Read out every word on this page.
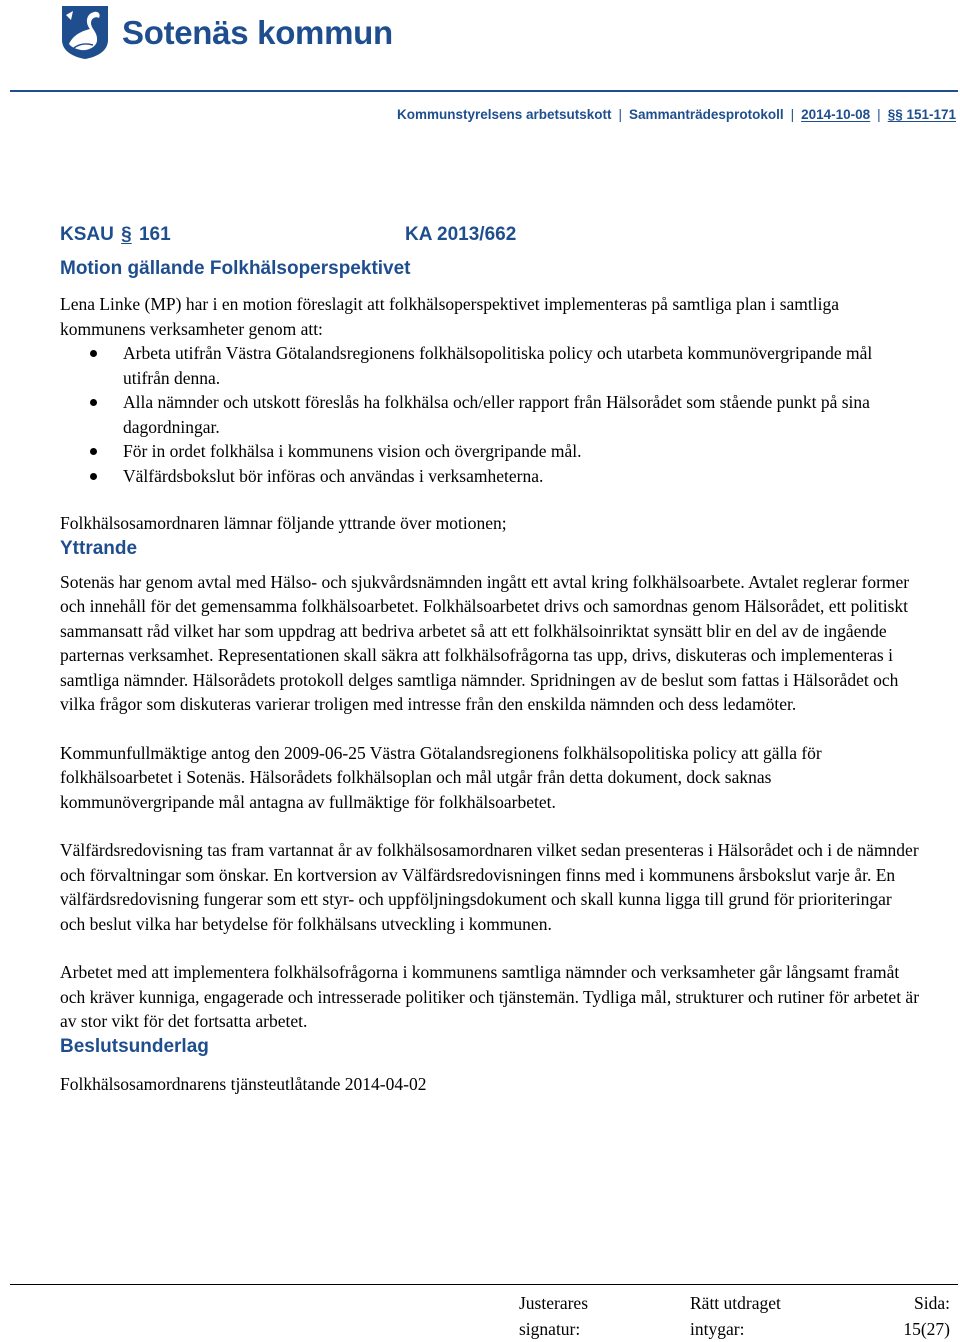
Sotenäs kommun
Kommunstyrelsens arbetsutskott | Sammanträdesprotokoll | 2014-10-08 | §§ 151-171
KSAU § 161	KA 2013/662
Motion gällande Folkhälsoperspektivet

Lena Linke (MP) har i en motion föreslagit att folkhälsoperspektivet implementeras på samtliga plan i samtliga kommunens verksamheter genom att:

Arbeta utifrån Västra Götalandsregionens folkhälsopolitiska policy och utarbeta kommunövergripande mål utifrån denna.
Alla nämnder och utskott föreslås ha folkhälsa och/eller rapport från Hälsorådet som stående punkt på sina dagordningar.
För in ordet folkhälsa i kommunens vision och övergripande mål.
Välfärdsbokslut bör införas och användas i verksamheterna.

Folkhälsosamordnaren lämnar följande yttrande över motionen;

Yttrande

Sotenäs har genom avtal med Hälso- och sjukvårdsnämnden ingått ett avtal kring folkhälsoarbete. Avtalet reglerar former och innehåll för det gemensamma folkhälsoarbetet. Folkhälsoarbetet drivs och samordnas genom Hälsorådet, ett politiskt sammansatt råd vilket har som uppdrag att bedriva arbetet så att ett folkhälsoinriktat synsätt blir en del av de ingående parternas verksamhet. Representationen skall säkra att folkhälsofrågorna tas upp, drivs, diskuteras och implementeras i samtliga nämnder. Hälsorådets protokoll delges samtliga nämnder. Spridningen av de beslut som fattas i Hälsorådet och vilka frågor som diskuteras varierar troligen med intresse från den enskilda nämnden och dess ledamöter.

Kommunfullmäktige antog den 2009-06-25 Västra Götalandsregionens folkhälsopolitiska policy att gälla för folkhälsoarbetet i Sotenäs. Hälsorådets folkhälsoplan och mål utgår från detta dokument, dock saknas kommunövergripande mål antagna av fullmäktige för folkhälsoarbetet.

Välfärdsredovisning tas fram vartannat år av folkhälsosamordnaren vilket sedan presenteras i Hälsorådet och i de nämnder och förvaltningar som önskar. En kortversion av Välfärdsredovisningen finns med i kommunens årsbokslut varje år. En välfärdsredovisning fungerar som ett styr- och uppföljningsdokument och skall kunna ligga till grund för prioriteringar och beslut vilka har betydelse för folkhälsans utveckling i kommunen.

Arbetet med att implementera folkhälsofrågorna i kommunens samtliga nämnder och verksamheter går långsamt framåt och kräver kunniga, engagerade och intresserade politiker och tjänstemän. Tydliga mål, strukturer och rutiner för arbetet är av stor vikt för det fortsatta arbetet.

Beslutsunderlag

Folkhälsosamordnarens tjänsteutlåtande 2014-04-02

Justerares
signatur:
Rätt utdraget
intygar:
Sida:
15(27)
